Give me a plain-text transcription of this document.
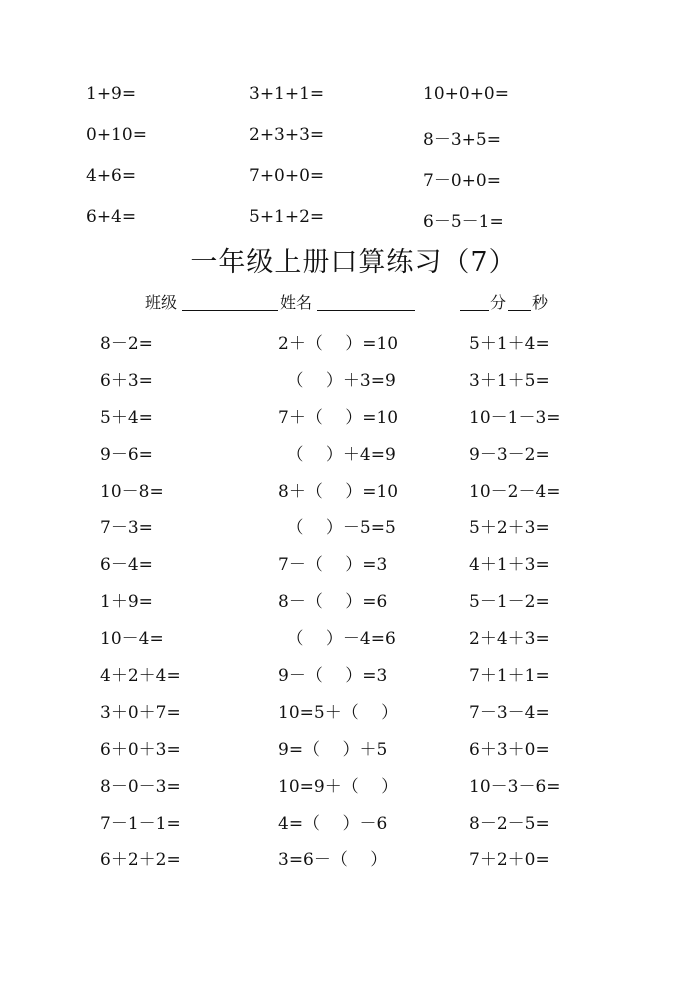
1+9=	3+1+1=	10+0+0=
0+10=	2+3+3=	8－3+5=
4+6=	7+0+0=	7－0+0=
6+4=	5+1+2=	6－5－1=
一年级上册口算练习（7）
班级	姓名	分 秒
8－2=	2＋（　 ）=10	5＋1＋4=
6＋3=	　（　 ）＋3=9	3＋1＋5=
5＋4=	7＋（　 ）=10	10－1－3=
9－6=	　（　 ）＋4=9	9－3－2=
10－8=	8＋（　 ）=10	10－2－4=
7－3=	　（　 ）－5=5	5＋2＋3=
6－4=	7－（　 ）=3	4＋1＋3=
1＋9=	8－（　 ）=6	5－1－2=
10－4=	　（　 ）－4=6	2＋4＋3=
4＋2＋4=	9－（　 ）=3	7＋1＋1=
3＋0＋7=	10=5＋（　 ）	7－3－4=
6＋0＋3=	9=（　 ）＋5	6＋3＋0=
8－0－3=	10=9＋（　 ）	10－3－6=
7－1－1=	4=（　 ）－6	8－2－5=
6＋2＋2=	3=6－（　 ）	7＋2＋0=
